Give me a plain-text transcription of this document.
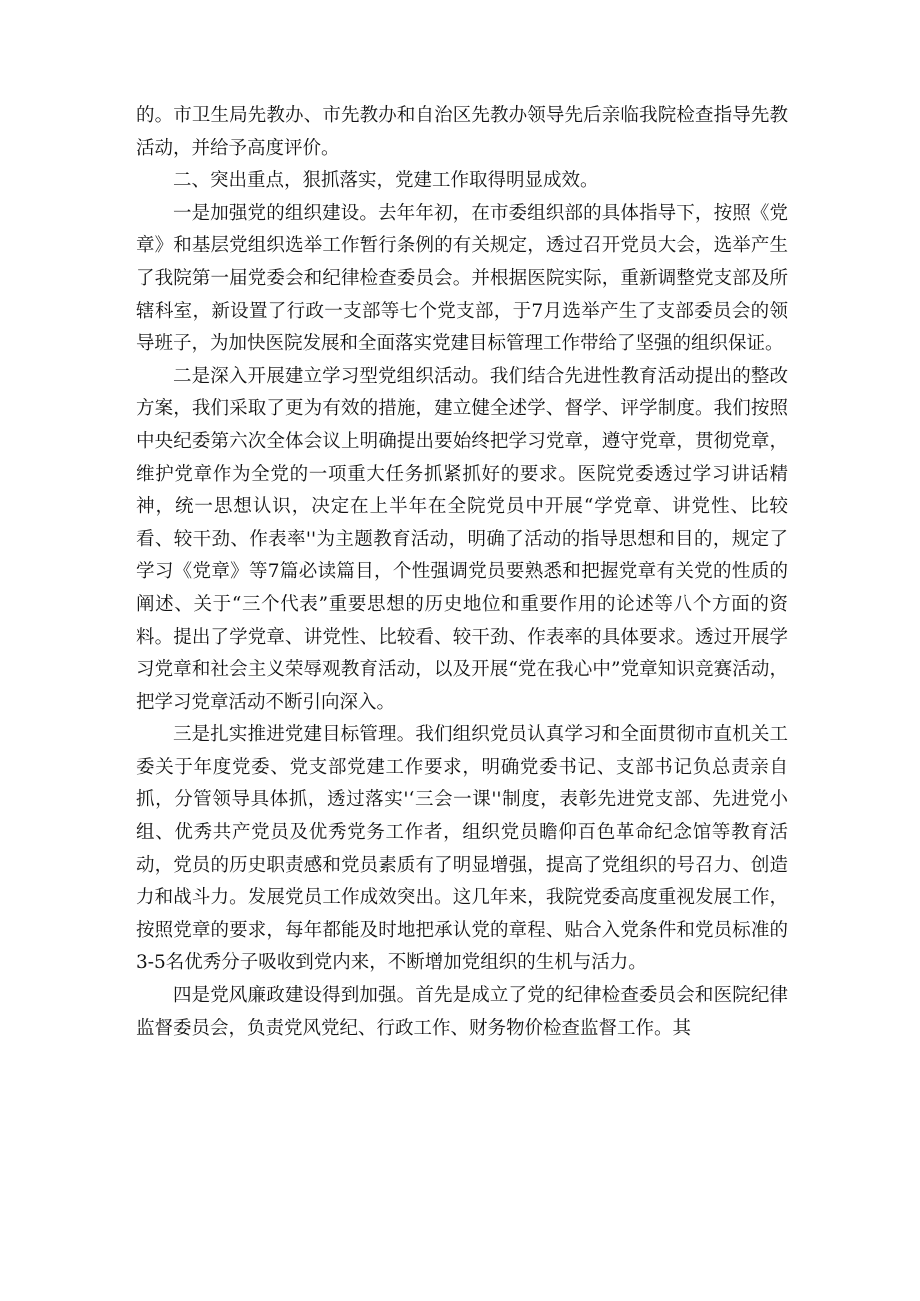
的。市卫生局先教办、市先教办和自治区先教办领导先后亲临我院检查指导先教活动，并给予高度评价。

二、突出重点，狠抓落实，党建工作取得明显成效。

一是加强党的组织建设。去年年初，在市委组织部的具体指导下，按照《党章》和基层党组织选举工作暂行条例的有关规定，透过召开党员大会，选举产生了我院第一届党委会和纪律检查委员会。并根据医院实际，重新调整党支部及所辖科室，新设置了行政一支部等七个党支部，于7月选举产生了支部委员会的领导班子，为加快医院发展和全面落实党建目标管理工作带给了坚强的组织保证。

二是深入开展建立学习型党组织活动。我们结合先进性教育活动提出的整改方案，我们采取了更为有效的措施，建立健全述学、督学、评学制度。我们按照中央纪委第六次全体会议上明确提出要始终把学习党章，遵守党章，贯彻党章，维护党章作为全党的一项重大任务抓紧抓好的要求。医院党委透过学习讲话精神，统一思想认识，决定在上半年在全院党员中开展“学党章、讲党性、比较看、较干劲、作表率''为主题教育活动，明确了活动的指导思想和目的，规定了学习《党章》等7篇必读篇目，个性强调党员要熟悉和把握党章有关党的性质的阐述、关于“三个代表”重要思想的历史地位和重要作用的论述等八个方面的资料。提出了学党章、讲党性、比较看、较干劲、作表率的具体要求。透过开展学习党章和社会主义荣辱观教育活动，以及开展“党在我心中”党章知识竞赛活动，把学习党章活动不断引向深入。

三是扎实推进党建目标管理。我们组织党员认真学习和全面贯彻市直机关工委关于年度党委、党支部党建工作要求，明确党委书记、支部书记负总责亲自抓，分管领导具体抓，透过落实'‘三会一课''制度，表彰先进党支部、先进党小组、优秀共产党员及优秀党务工作者，组织党员瞻仰百色革命纪念馆等教育活动，党员的历史职责感和党员素质有了明显增强，提高了党组织的号召力、创造力和战斗力。发展党员工作成效突出。这几年来，我院党委高度重视发展工作，按照党章的要求，每年都能及时地把承认党的章程、贴合入党条件和党员标准的3-5名优秀分子吸收到党内来，不断增加党组织的生机与活力。

四是党风廉政建设得到加强。首先是成立了党的纪律检查委员会和医院纪律监督委员会，负责党风党纪、行政工作、财务物价检查监督工作。其
